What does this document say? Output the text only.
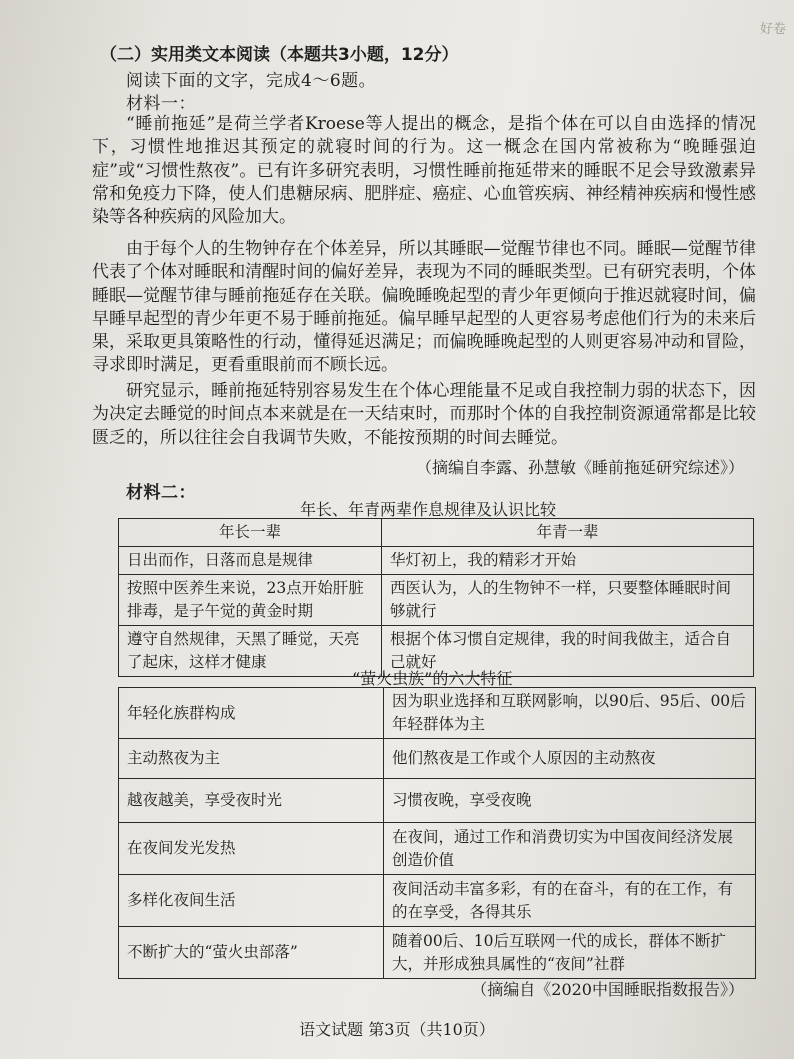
好卷
（二）实用类文本阅读（本题共3小题，12分）
阅读下面的文字，完成4～6题。
材料一：
“睡前拖延”是荷兰学者Kroese等人提出的概念，是指个体在可以自由选择的情况下，习惯性地推迟其预定的就寝时间的行为。这一概念在国内常被称为“晚睡强迫症”或“习惯性熬夜”。已有许多研究表明，习惯性睡前拖延带来的睡眠不足会导致激素异常和免疫力下降，使人们患糖尿病、肥胖症、癌症、心血管疾病、神经精神疾病和慢性感染等各种疾病的风险加大。
由于每个人的生物钟存在个体差异，所以其睡眠—觉醒节律也不同。睡眠—觉醒节律代表了个体对睡眠和清醒时间的偏好差异，表现为不同的睡眠类型。已有研究表明，个体睡眠—觉醒节律与睡前拖延存在关联。偏晚睡晚起型的青少年更倾向于推迟就寝时间，偏早睡早起型的青少年更不易于睡前拖延。偏早睡早起型的人更容易考虑他们行为的未来后果，采取更具策略性的行动，懂得延迟满足；而偏晚睡晚起型的人则更容易冲动和冒险，寻求即时满足，更看重眼前而不顾长远。
研究显示，睡前拖延特别容易发生在个体心理能量不足或自我控制力弱的状态下，因为决定去睡觉的时间点本来就是在一天结束时，而那时个体的自我控制资源通常都是比较匮乏的，所以往往会自我调节失败，不能按预期的时间去睡觉。
（摘编自李露、孙慧敏《睡前拖延研究综述》）
材料二：
年长、年青两辈作息规律及认识比较
年长一辈	年青一辈
日出而作，日落而息是规律	华灯初上，我的精彩才开始
按照中医养生来说，23点开始肝脏排毒，是子午觉的黄金时期	西医认为，人的生物钟不一样，只要整体睡眠时间够就行
遵守自然规律，天黑了睡觉，天亮了起床，这样才健康	根据个体习惯自定规律，我的时间我做主，适合自己就好
“萤火虫族”的六大特征
年轻化族群构成	因为职业选择和互联网影响，以90后、95后、00后年轻群体为主
主动熬夜为主	他们熬夜是工作或个人原因的主动熬夜
越夜越美，享受夜时光	习惯夜晚，享受夜晚
在夜间发光发热	在夜间，通过工作和消费切实为中国夜间经济发展创造价值
多样化夜间生活	夜间活动丰富多彩，有的在奋斗，有的在工作，有的在享受，各得其乐
不断扩大的“萤火虫部落”	随着00后、10后互联网一代的成长，群体不断扩大，并形成独具属性的“夜间”社群
（摘编自《2020中国睡眠指数报告》）
语文试题 第3页（共10页）
